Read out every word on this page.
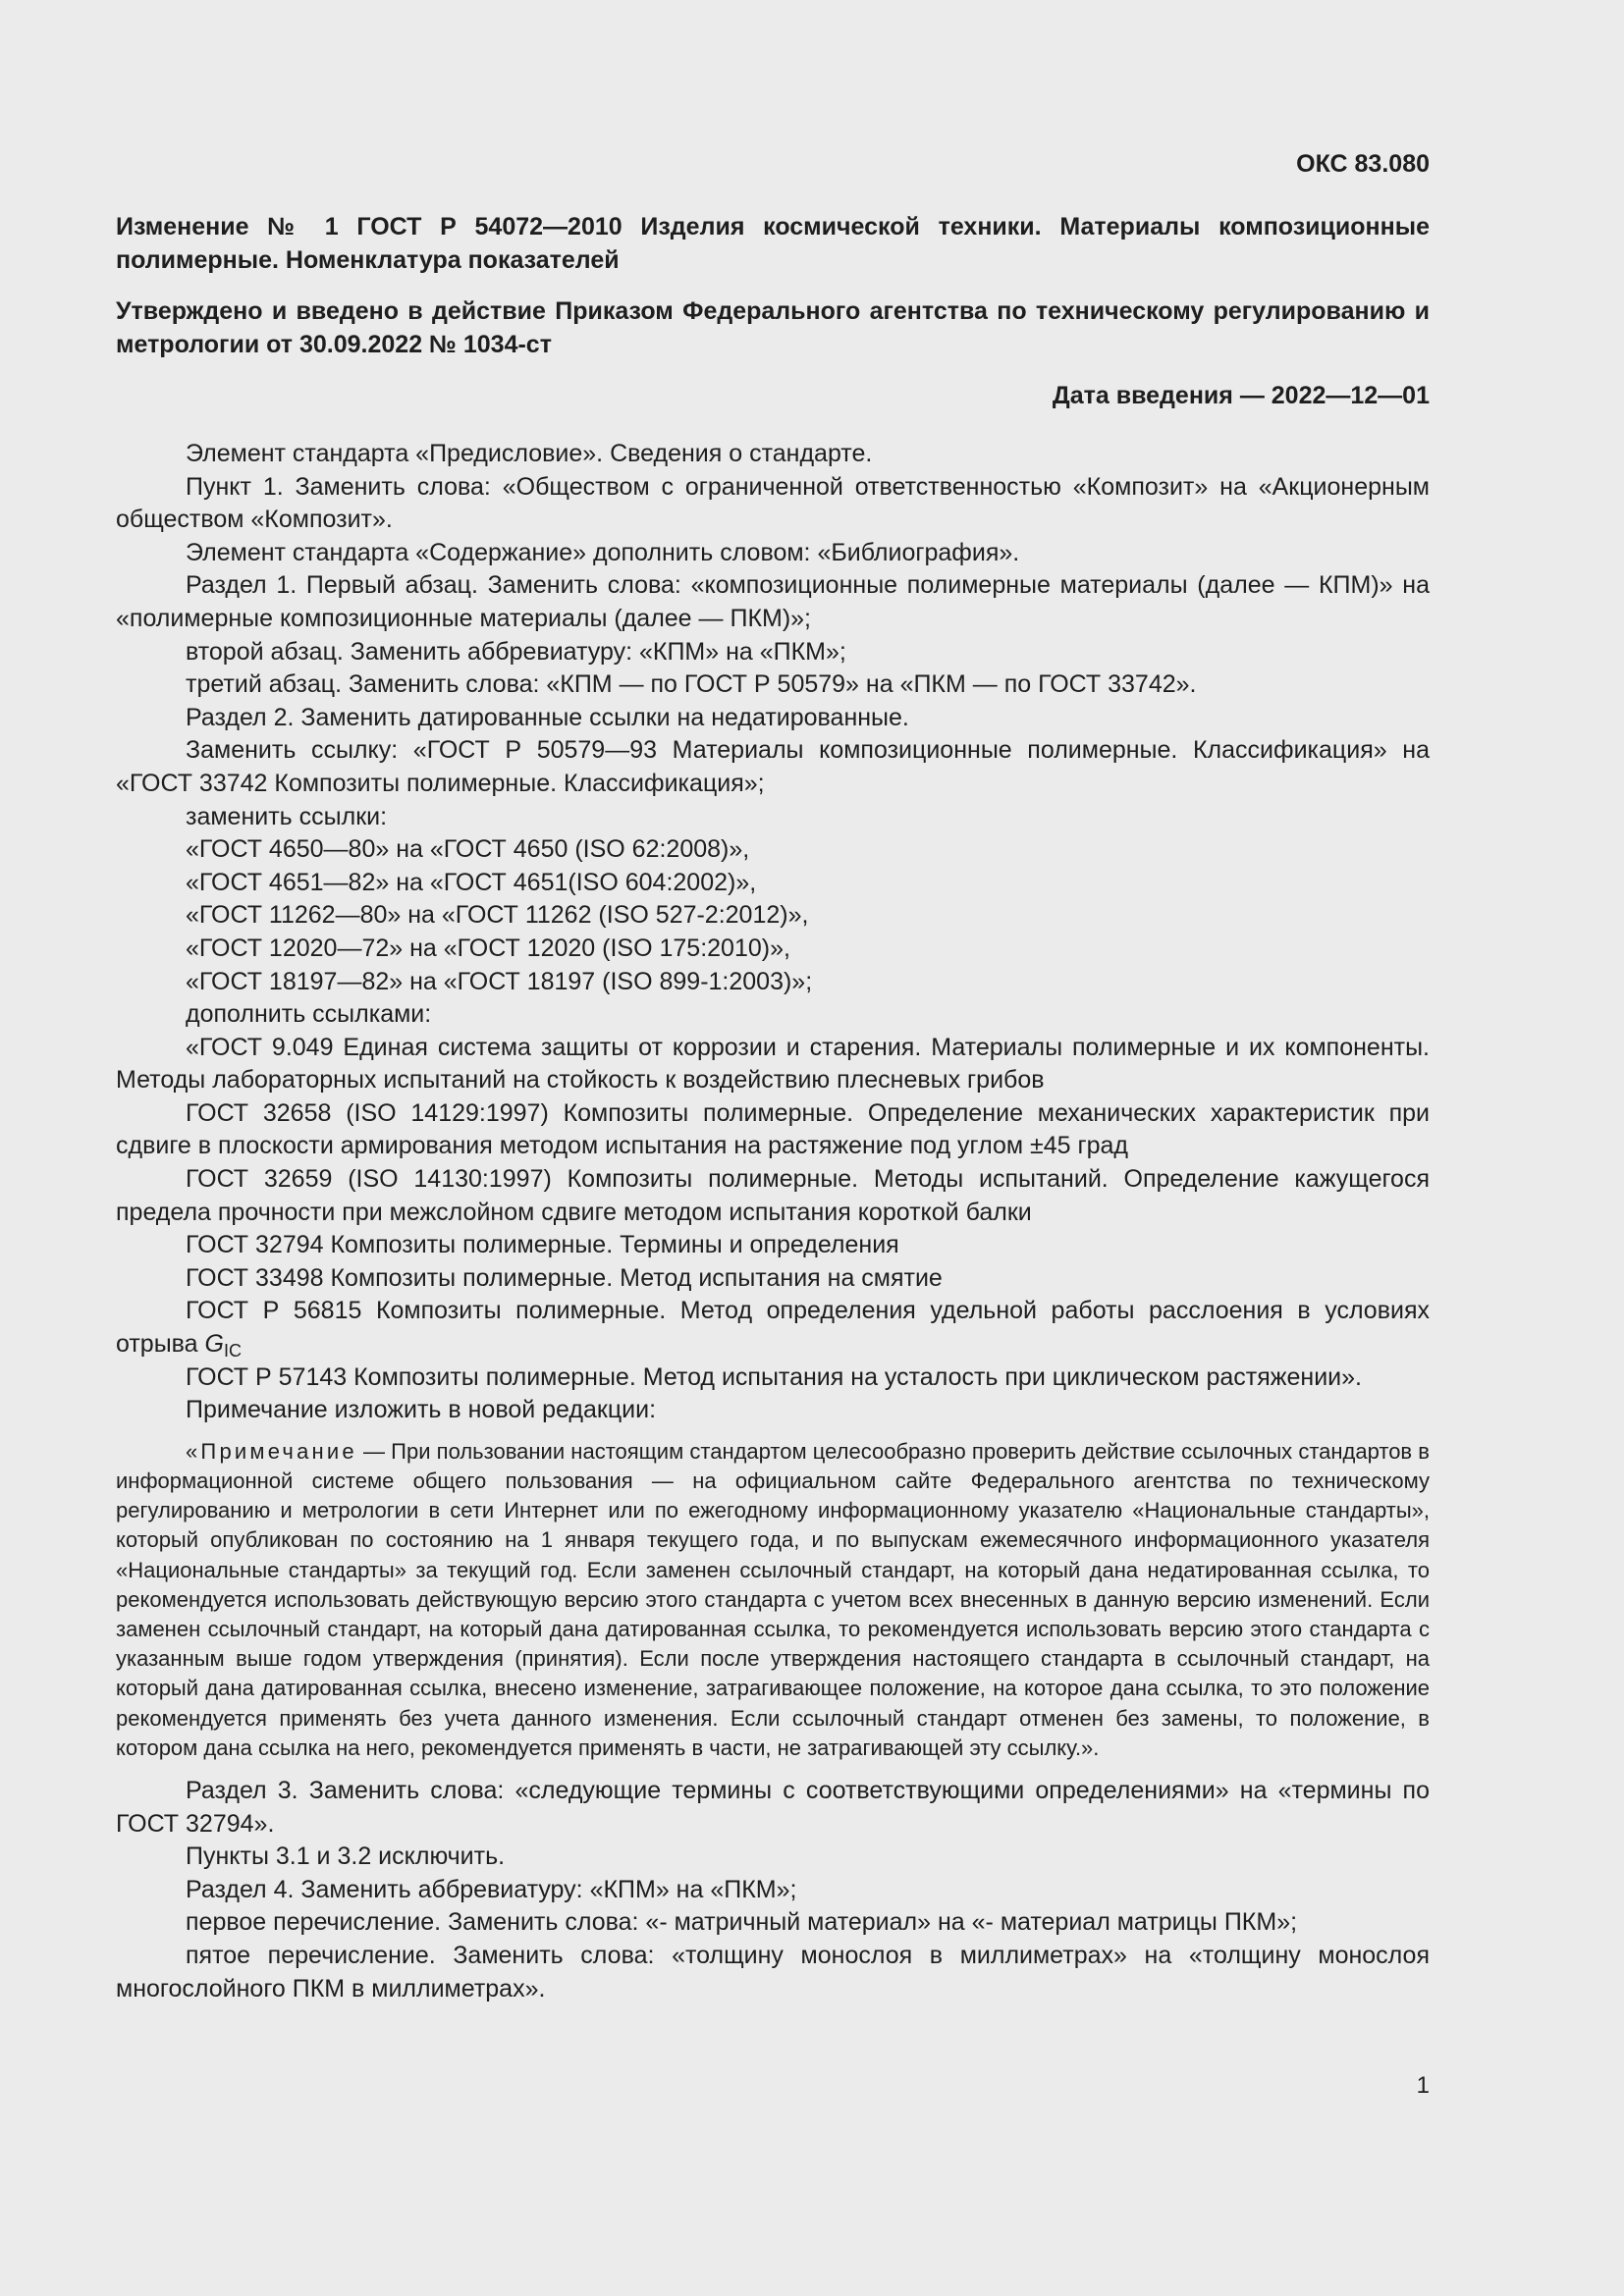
ОКС 83.080
Изменение № 1 ГОСТ Р 54072—2010 Изделия космической техники. Материалы композиционные полимерные. Номенклатура показателей
Утверждено и введено в действие Приказом Федерального агентства по техническому регулированию и метрологии от 30.09.2022 № 1034-ст
Дата введения — 2022—12—01

Элемент стандарта «Предисловие». Сведения о стандарте.

Пункт 1. Заменить слова: «Обществом с ограниченной ответственностью «Композит» на «Акционерным обществом «Композит».

Элемент стандарта «Содержание» дополнить словом: «Библиография».

Раздел 1. Первый абзац. Заменить слова: «композиционные полимерные материалы (далее — КПМ)» на «полимерные композиционные материалы (далее — ПКМ)»;

второй абзац. Заменить аббревиатуру: «КПМ» на «ПКМ»;

третий абзац. Заменить слова: «КПМ — по ГОСТ Р 50579» на «ПКМ — по ГОСТ 33742».

Раздел 2. Заменить датированные ссылки на недатированные.

Заменить ссылку: «ГОСТ Р 50579—93 Материалы композиционные полимерные. Классификация» на «ГОСТ 33742 Композиты полимерные. Классификация»;

заменить ссылки:

«ГОСТ 4650—80» на «ГОСТ 4650 (ISO 62:2008)»,

«ГОСТ 4651—82» на «ГОСТ 4651(ISO 604:2002)»,

«ГОСТ 11262—80» на «ГОСТ 11262 (ISO 527-2:2012)»,

«ГОСТ 12020—72» на «ГОСТ 12020 (ISO 175:2010)»,

«ГОСТ 18197—82» на «ГОСТ 18197 (ISO 899-1:2003)»;

дополнить ссылками:

«ГОСТ 9.049 Единая система защиты от коррозии и старения. Материалы полимерные и их компоненты. Методы лабораторных испытаний на стойкость к воздействию плесневых грибов

ГОСТ 32658 (ISO 14129:1997) Композиты полимерные. Определение механических характеристик при сдвиге в плоскости армирования методом испытания на растяжение под углом ±45 град

ГОСТ 32659 (ISO 14130:1997) Композиты полимерные. Методы испытаний. Определение кажущегося предела прочности при межслойном сдвиге методом испытания короткой балки

ГОСТ 32794 Композиты полимерные. Термины и определения

ГОСТ 33498 Композиты полимерные. Метод испытания на смятие

ГОСТ Р 56815 Композиты полимерные. Метод определения удельной работы расслоения в условиях отрыва $G_{IC}$

ГОСТ Р 57143 Композиты полимерные. Метод испытания на усталость при циклическом растяжении».

Примечание изложить в новой редакции:

«Примечание — При пользовании настоящим стандартом целесообразно проверить действие ссылочных стандартов в информационной системе общего пользования — на официальном сайте Федерального агентства по техническому регулированию и метрологии в сети Интернет или по ежегодному информационному указателю «Национальные стандарты», который опубликован по состоянию на 1 января текущего года, и по выпускам ежемесячного информационного указателя «Национальные стандарты» за текущий год. Если заменен ссылочный стандарт, на который дана недатированная ссылка, то рекомендуется использовать действующую версию этого стандарта с учетом всех внесенных в данную версию изменений. Если заменен ссылочный стандарт, на который дана датированная ссылка, то рекомендуется использовать версию этого стандарта с указанным выше годом утверждения (принятия). Если после утверждения настоящего стандарта в ссылочный стандарт, на который дана датированная ссылка, внесено изменение, затрагивающее положение, на которое дана ссылка, то это положение рекомендуется применять без учета данного изменения. Если ссылочный стандарт отменен без замены, то положение, в котором дана ссылка на него, рекомендуется применять в части, не затрагивающей эту ссылку.».

Раздел 3. Заменить слова: «следующие термины с соответствующими определениями» на «термины по ГОСТ 32794».

Пункты 3.1 и 3.2 исключить.

Раздел 4. Заменить аббревиатуру: «КПМ» на «ПКМ»;

первое перечисление. Заменить слова: «- матричный материал» на «- материал матрицы ПКМ»;

пятое перечисление. Заменить слова: «толщину монослоя в миллиметрах» на «толщину монослоя многослойного ПКМ в миллиметрах».

1
